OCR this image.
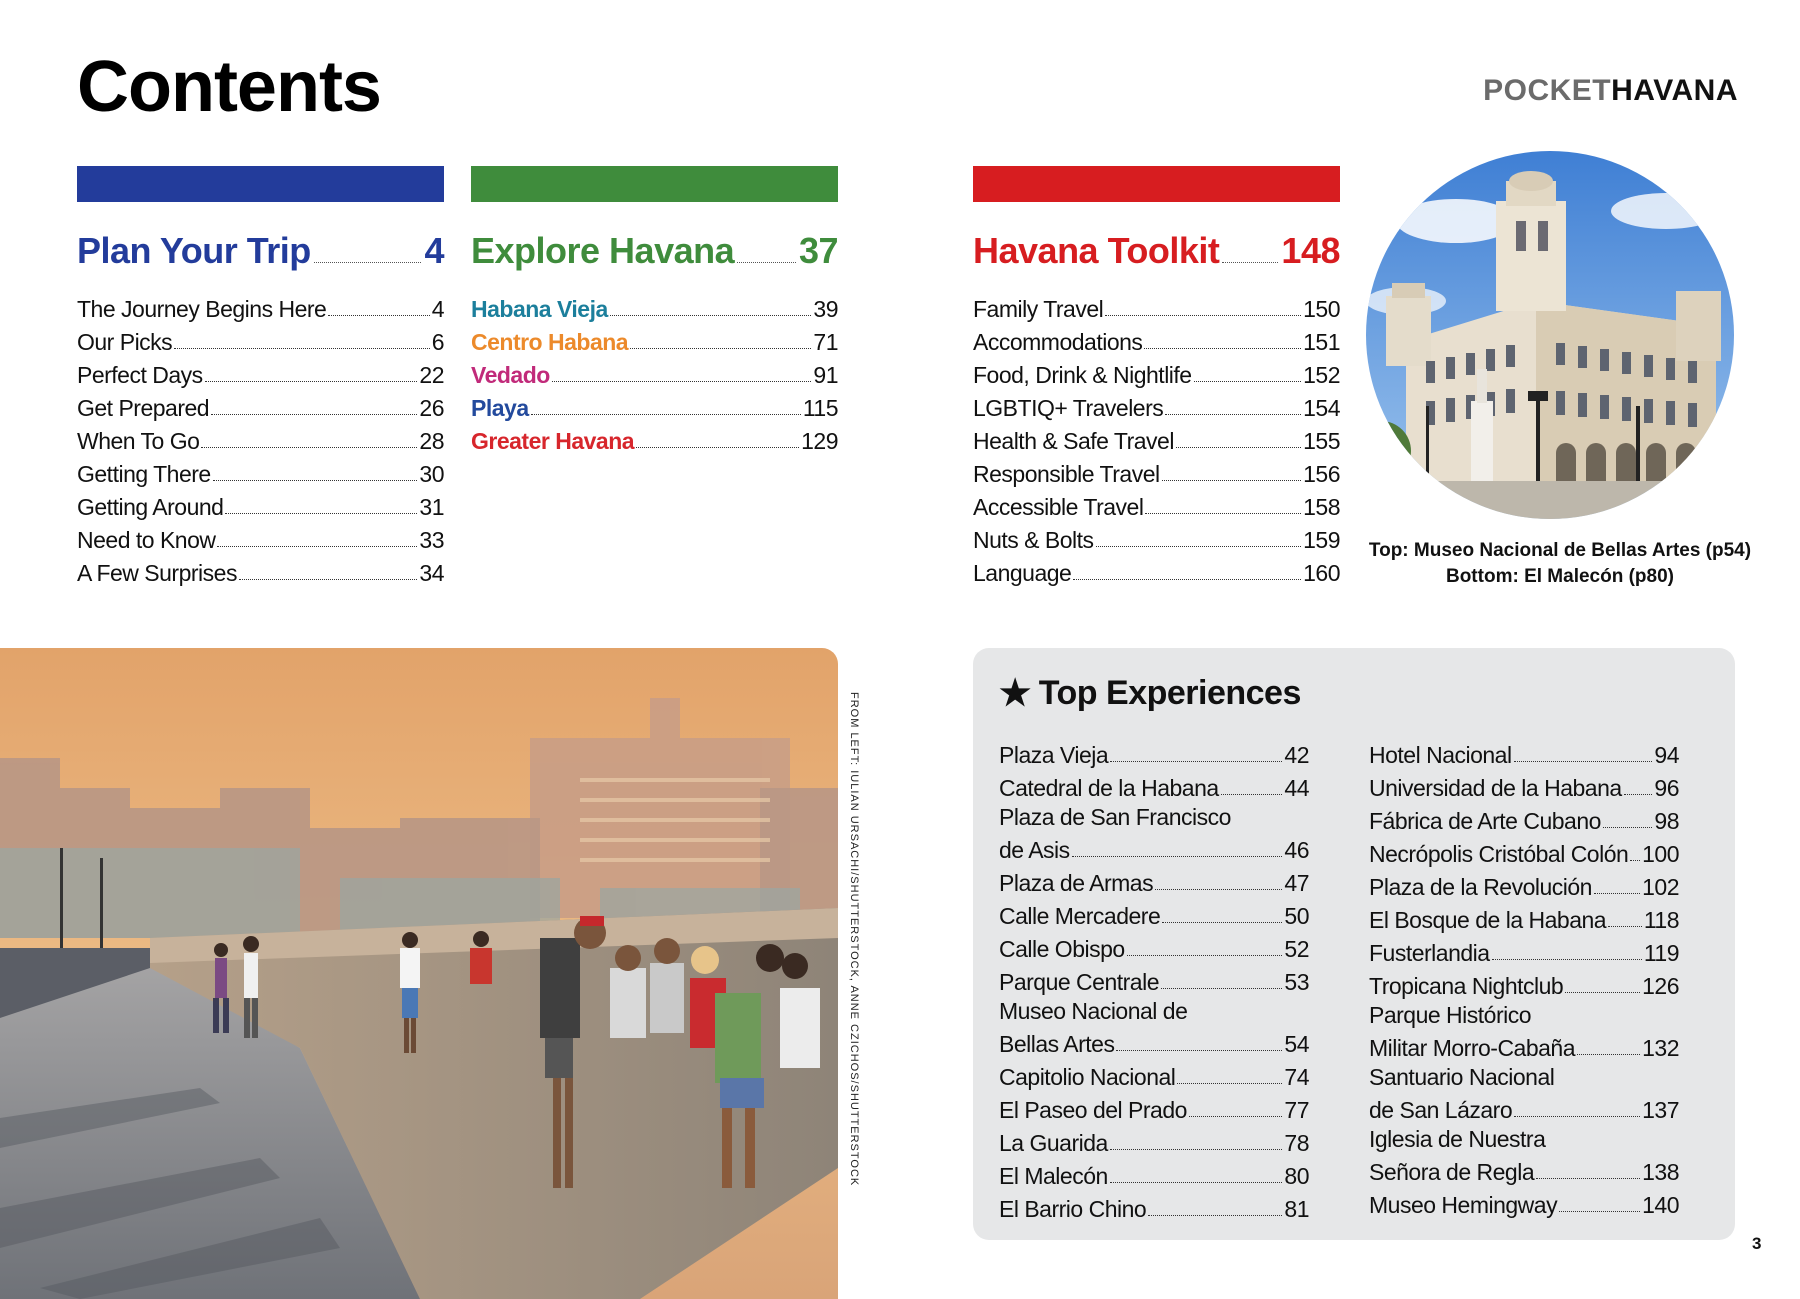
Contents	POCKETHAVANA
Plan Your Trip	4
The Journey Begins Here	4
Our Picks	6
Perfect Days	22
Get Prepared	26
When To Go	28
Getting There	30
Getting Around	31
Need to Know	33
A Few Surprises	34
Explore Havana 37
Habana Vieja	39
Centro Habana	71
Vedado	91
Playa	115
Greater Havana	129
Havana Toolkit 148
Family Travel	150
Accommodations	151
Food, Drink & Nightlife	152
LGBTIQ+ Travelers	154
Health & Safe Travel	155
Responsible Travel	156
Accessible Travel	158
Nuts & Bolts	159
Language	160
Top: Museo Nacional de Bellas Artes (p54)
Bottom: El Malecón (p80)
FROM LEFT: IULIAN URSACHI/SHUTTERSTOCK, ANNE CZICHOS/SHUTTERSTOCK	★ Top Experiences
Plaza Vieja	42
Catedral de la Habana	44
Plaza de San Francisco
de Asis	46
Plaza de Armas	47
Calle Mercadere	50
Calle Obispo	52
Parque Centrale	53
Museo Nacional de
Bellas Artes	54
Capitolio Nacional	74
El Paseo del Prado	77
La Guarida	78
El Malecón	80
El Barrio Chino	81
Hotel Nacional	94
Universidad de la Habana 96
Fábrica de Arte Cubano 98
Necrópolis Cristóbal Colón 100
Plaza de la Revolución 102
El Bosque de la Habana 118
Fusterlandia	119
Tropicana Nightclub	126
Parque Histórico
Militar Morro-Cabaña	132
Santuario Nacional
de San Lázaro	137
Iglesia de Nuestra
Señora de Regla	138
Museo Hemingway	140
3
